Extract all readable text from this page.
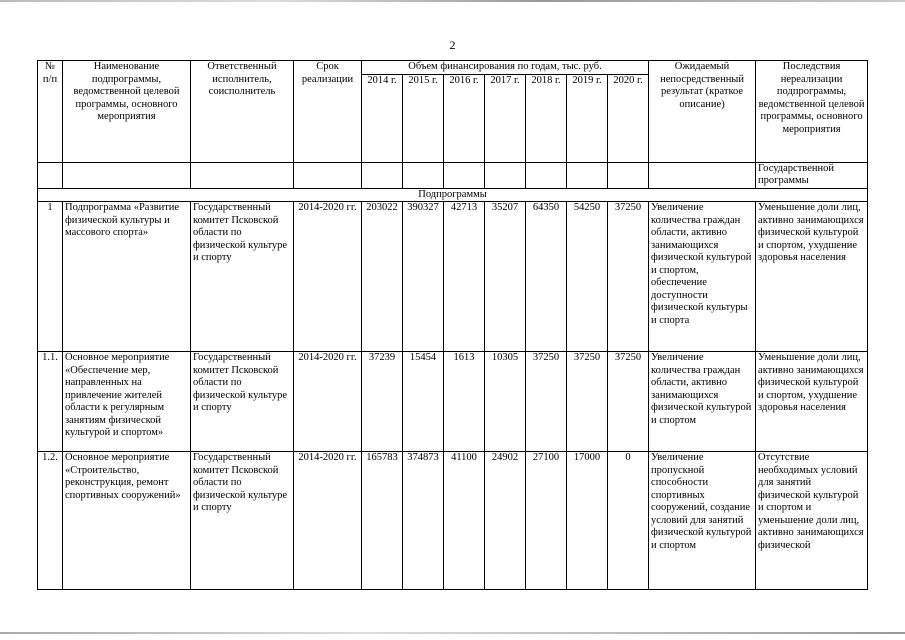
2
№ п/п	Наименование подпрограммы, ведомственной целевой программы, основного мероприятия	Ответственный исполнитель, соисполнитель	Срок реализации	Объем финансирования по годам, тыс. руб.							Ожидаемый непосредственный результат (краткое описание)	Последствия нереализации подпрограммы, ведомственной целевой программы, основного мероприятия
				2014 г.	2015 г.	2016 г.	2017 г.	2018 г.	2019 г.	2020 г.		
												Государственной программы
Подпрограммы												
1	Подпрограмма «Развитие физической культуры и массового спорта»	Государственный комитет Псковской области по физической культуре и спорту	2014-2020 гг.	203022	390327	42713	35207	64350	54250	37250	Увеличение количества граждан области, активно занимающихся физической культурой и спортом, обеспечение доступности физической культуры и спорта	Уменьшение доли лиц, активно занимающихся физической культурой и спортом, ухудшение здоровья населения
1.1.	Основное мероприятие «Обеспечение мер, направленных на привлечение жителей области к регулярным занятиям физической культурой и спортом»	Государственный комитет Псковской области по физической культуре и спорту	2014-2020 гг.	37239	15454	1613	10305	37250	37250	37250	Увеличение количества граждан области, активно занимающихся физической культурой и спортом	Уменьшение доли лиц, активно занимающихся физической культурой и спортом, ухудшение здоровья населения
1.2.	Основное мероприятие «Строительство, реконструкция, ремонт спортивных сооружений»	Государственный комитет Псковской области по физической культуре и спорту	2014-2020 гг.	165783	374873	41100	24902	27100	17000	0	Увеличение пропускной способности спортивных сооружений, создание условий для занятий физической культурой и спортом	Отсутствие необходимых условий для занятий физической культурой и спортом и уменьшение доли лиц, активно занимающихся физической
